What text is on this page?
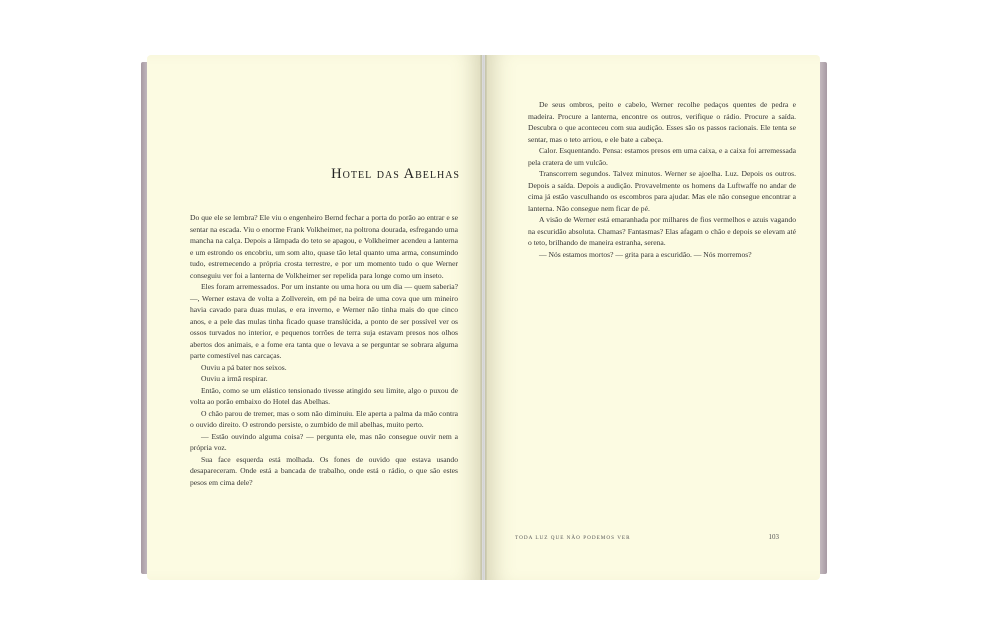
Hotel das Abelhas

Do que ele se lembra? Ele viu o engenheiro Bernd fechar a porta do porão ao entrar e se sentar na escada. Viu o enorme Frank Volkheimer, na poltrona dourada, esfregando uma mancha na calça. Depois a lâmpada do teto se apagou, e Volkheimer acendeu a lanterna e um estrondo os encobriu, um som alto, quase tão letal quanto uma arma, consumindo tudo, estremecendo a própria crosta terrestre, e por um momento tudo o que Werner conseguiu ver foi a lanterna de Volkheimer ser repelida para longe como um inseto.

Eles foram arremessados. Por um instante ou uma hora ou um dia — quem saberia? —, Werner estava de volta a Zollverein, em pé na beira de uma cova que um mineiro havia cavado para duas mulas, e era inverno, e Werner não tinha mais do que cinco anos, e a pele das mulas tinha ficado quase translúcida, a ponto de ser possível ver os ossos turvados no interior, e pequenos torrões de terra suja estavam presos nos olhos abertos dos animais, e a fome era tanta que o levava a se perguntar se sobrara alguma parte comestível nas carcaças.

Ouviu a pá bater nos seixos.

Ouviu a irmã respirar.

Então, como se um elástico tensionado tivesse atingido seu limite, algo o puxou de volta ao porão embaixo do Hotel das Abelhas.

O chão parou de tremer, mas o som não diminuiu. Ele aperta a palma da mão contra o ouvido direito. O estrondo persiste, o zumbido de mil abelhas, muito perto.

— Estão ouvindo alguma coisa? — pergunta ele, mas não consegue ouvir nem a própria voz.

Sua face esquerda está molhada. Os fones de ouvido que estava usando desapareceram. Onde está a bancada de trabalho, onde está o rádio, o que são estes pesos em cima dele?

De seus ombros, peito e cabelo, Werner recolhe pedaços quentes de pedra e madeira. Procure a lanterna, encontre os outros, verifique o rádio. Procure a saída. Descubra o que aconteceu com sua audição. Esses são os passos racionais. Ele tenta se sentar, mas o teto arriou, e ele bate a cabeça.

Calor. Esquentando. Pensa: estamos presos em uma caixa, e a caixa foi arremessada pela cratera de um vulcão.

Transcorrem segundos. Talvez minutos. Werner se ajoelha. Luz. Depois os outros. Depois a saída. Depois a audição. Provavelmente os homens da Luftwaffe no andar de cima já estão vasculhando os escombros para ajudar. Mas ele não consegue encontrar a lanterna. Não consegue nem ficar de pé.

A visão de Werner está emaranhada por milhares de fios vermelhos e azuis vagando na escuridão absoluta. Chamas? Fantasmas? Elas afagam o chão e depois se elevam até o teto, brilhando de maneira estranha, serena.

— Nós estamos mortos? — grita para a escuridão. — Nós morremos?

TODA LUZ QUE NÃO PODEMOS VER	103
